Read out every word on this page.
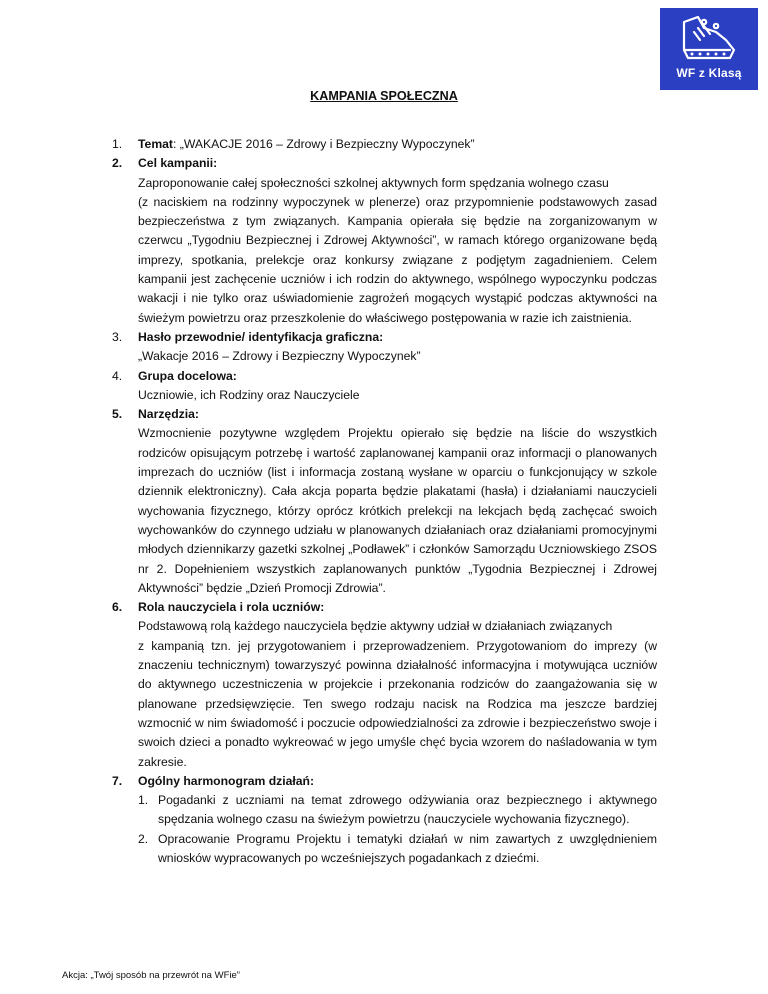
WF z Klasą
KAMPANIA SPOŁECZNA
1. Temat: „WAKACJE 2016 – Zdrowy i Bezpieczny Wypoczynek”

2. Cel kampanii:

Zaproponowanie całej społeczności szkolnej aktywnych form spędzania wolnego czasu

(z naciskiem na rodzinny wypoczynek w plenerze) oraz przypomnienie podstawowych zasad bezpieczeństwa z tym związanych. Kampania opierała się będzie na zorganizowanym w czerwcu „Tygodniu Bezpiecznej i Zdrowej Aktywności”, w ramach którego organizowane będą imprezy, spotkania, prelekcje oraz konkursy związane z podjętym zagadnieniem. Celem kampanii jest zachęcenie uczniów i ich rodzin do aktywnego, wspólnego wypoczynku podczas wakacji i nie tylko oraz uświadomienie zagrożeń mogących wystąpić podczas aktywności na świeżym powietrzu oraz przeszkolenie do właściwego postępowania w razie ich zaistnienia.

3. Hasło przewodnie/ identyfikacja graficzna:

„Wakacje 2016 – Zdrowy i Bezpieczny Wypoczynek”

4. Grupa docelowa:

Uczniowie, ich Rodziny oraz Nauczyciele

5. Narzędzia:

Wzmocnienie pozytywne względem Projektu opierało się będzie na liście do wszystkich rodziców opisującym potrzebę i wartość zaplanowanej kampanii oraz informacji o planowanych imprezach do uczniów (list i informacja zostaną wysłane w oparciu o funkcjonujący w szkole dziennik elektroniczny). Cała akcja poparta będzie plakatami (hasła) i działaniami nauczycieli wychowania fizycznego, którzy oprócz krótkich prelekcji na lekcjach będą zachęcać swoich wychowanków do czynnego udziału w planowanych działaniach oraz działaniami promocyjnymi młodych dziennikarzy gazetki szkolnej „Podławek” i członków Samorządu Uczniowskiego ZSOS nr 2. Dopełnieniem wszystkich zaplanowanych punktów „Tygodnia Bezpiecznej i Zdrowej Aktywności” będzie „Dzień Promocji Zdrowia”.

6. Rola nauczyciela i rola uczniów:

Podstawową rolą każdego nauczyciela będzie aktywny udział w działaniach związanych

z kampanią tzn. jej przygotowaniem i przeprowadzeniem. Przygotowaniom do imprezy (w znaczeniu technicznym) towarzyszyć powinna działalność informacyjna i motywująca uczniów do aktywnego uczestniczenia w projekcie i przekonania rodziców do zaangażowania się w planowane przedsięwzięcie. Ten swego rodzaju nacisk na Rodzica ma jeszcze bardziej wzmocnić w nim świadomość i poczucie odpowiedzialności za zdrowie i bezpieczeństwo swoje i swoich dzieci a ponadto wykreować w jego umyśle chęć bycia wzorem do naśladowania w tym zakresie.

7. Ogólny harmonogram działań:

1. Pogadanki z uczniami na temat zdrowego odżywiania oraz bezpiecznego i aktywnego spędzania wolnego czasu na świeżym powietrzu (nauczyciele wychowania fizycznego).

2. Opracowanie Programu Projektu i tematyki działań w nim zawartych z uwzględnieniem wniosków wypracowanych po wcześniejszych pogadankach z dziećmi.

Akcja: „Twój sposób na przewrót na WFie”
